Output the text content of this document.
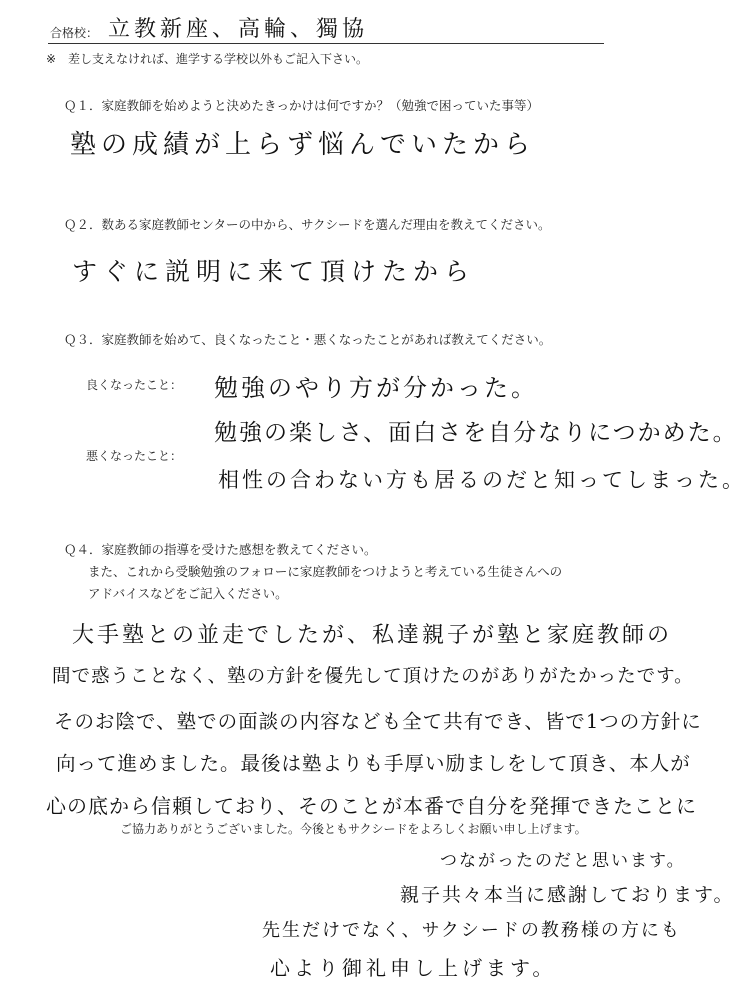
合格校： 立教新座、高輪、獨協
※　差し支えなければ、進学する学校以外もご記入下さい。
Ｑ１．家庭教師を始めようと決めたきっかけは何ですか？（勉強で困っていた事等）
塾の成績が上らず悩んでいたから
Ｑ２．数ある家庭教師センターの中から、サクシードを選んだ理由を教えてください。
すぐに説明に来て頂けたから
Ｑ３．家庭教師を始めて、良くなったこと・悪くなったことがあれば教えてください。
良くなったこと： 勉強のやり方が分かった。
勉強の楽しさ、面白さを自分なりにつかめた。
悪くなったこと：
相性の合わない方も居るのだと知ってしまった。
Ｑ４．家庭教師の指導を受けた感想を教えてください。
また、これから受験勉強のフォローに家庭教師をつけようと考えている生徒さんへの
アドバイスなどをご記入ください。
大手塾との並走でしたが、私達親子が塾と家庭教師の
間で惑うことなく、塾の方針を優先して頂けたのがありがたかったです。
そのお陰で、塾での面談の内容なども全て共有でき、皆で1つの方針に
向って進めました。最後は塾よりも手厚い励ましをして頂き、本人が
心の底から信頼しており、そのことが本番で自分を発揮できたことに
ご協力ありがとうございました。今後ともサクシードをよろしくお願い申し上げます。
つながったのだと思います。
親子共々本当に感謝しております。
先生だけでなく、サクシードの教務様の方にも
心より御礼申し上げます。
